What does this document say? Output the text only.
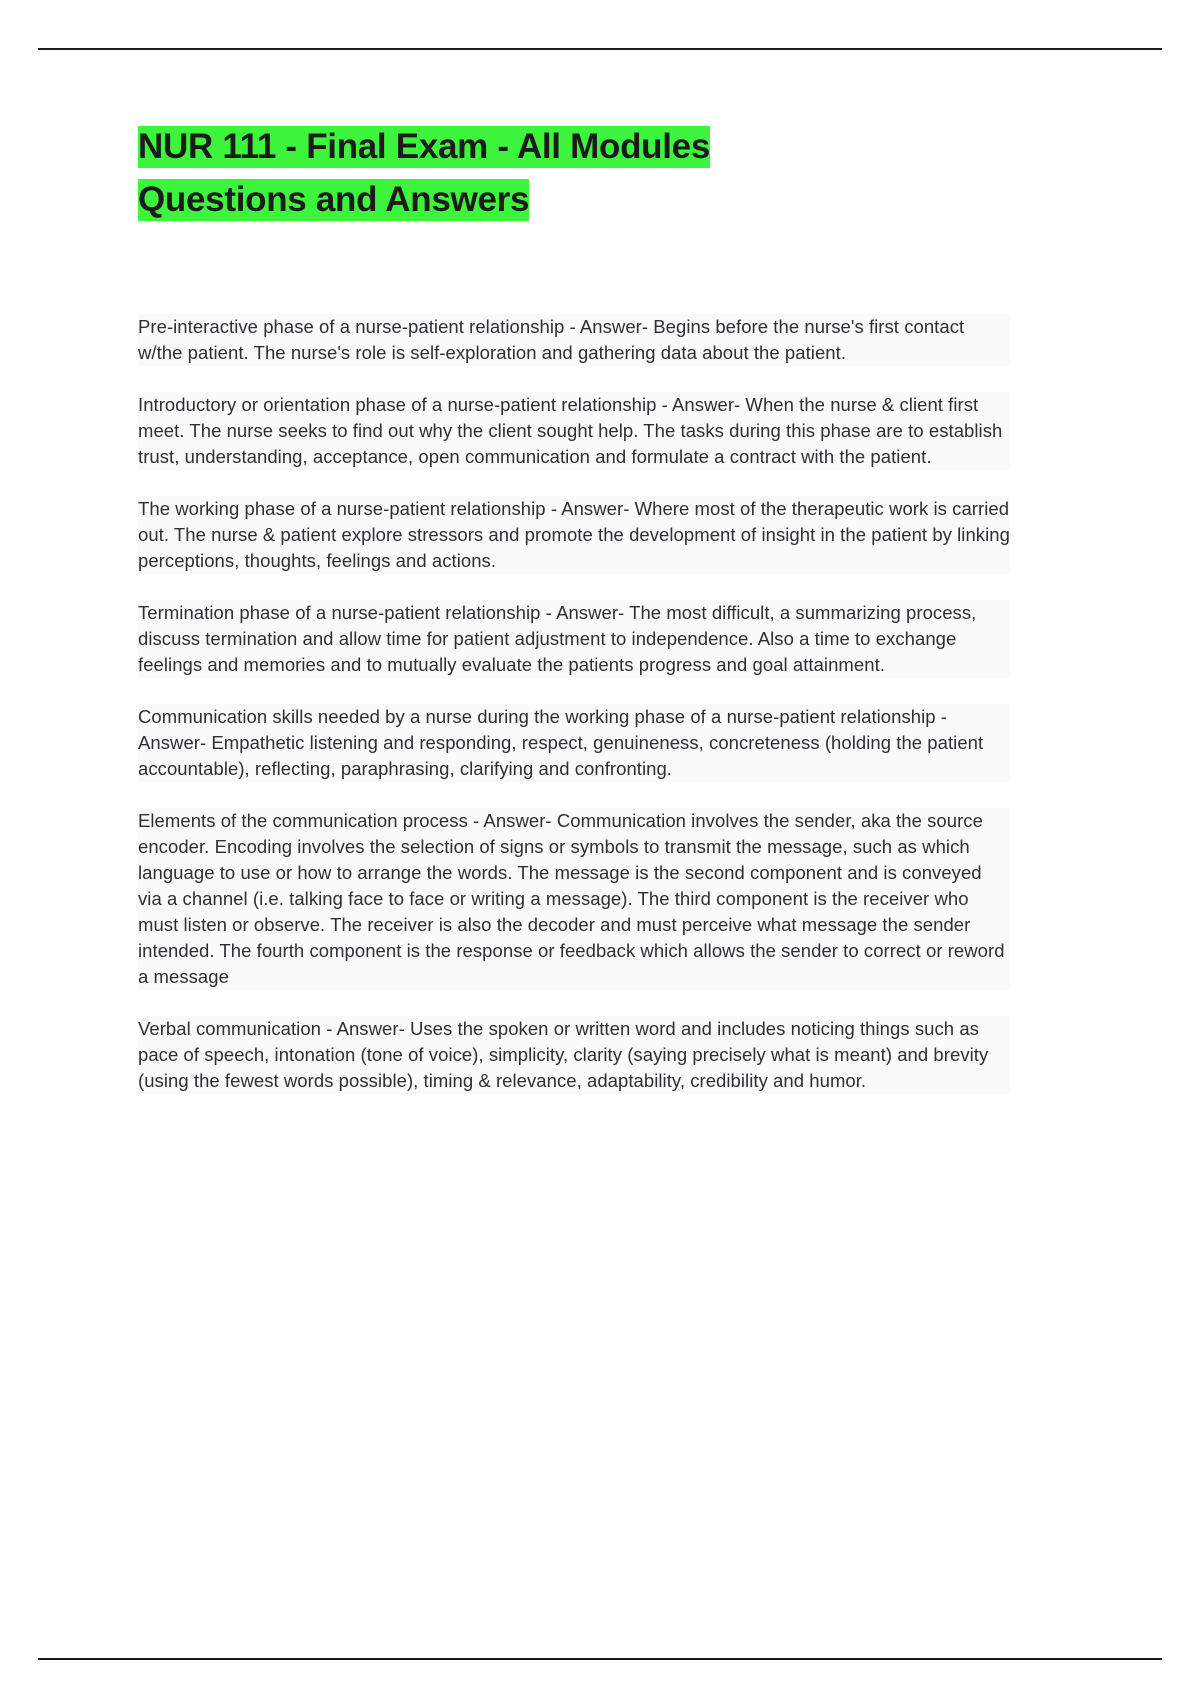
NUR 111 - Final Exam - All Modules
Questions and Answers

Pre-interactive phase of a nurse-patient relationship - Answer- Begins before the nurse's first contact w/the patient. The nurse's role is self-exploration and gathering data about the patient.

Introductory or orientation phase of a nurse-patient relationship - Answer- When the nurse & client first meet. The nurse seeks to find out why the client sought help. The tasks during this phase are to establish trust, understanding, acceptance, open communication and formulate a contract with the patient.

The working phase of a nurse-patient relationship - Answer- Where most of the therapeutic work is carried out. The nurse & patient explore stressors and promote the development of insight in the patient by linking perceptions, thoughts, feelings and actions.

Termination phase of a nurse-patient relationship - Answer- The most difficult, a summarizing process, discuss termination and allow time for patient adjustment to independence. Also a time to exchange feelings and memories and to mutually evaluate the patients progress and goal attainment.

Communication skills needed by a nurse during the working phase of a nurse-patient relationship - Answer- Empathetic listening and responding, respect, genuineness, concreteness (holding the patient accountable), reflecting, paraphrasing, clarifying and confronting.

Elements of the communication process - Answer- Communication involves the sender, aka the source encoder. Encoding involves the selection of signs or symbols to transmit the message, such as which language to use or how to arrange the words. The message is the second component and is conveyed via a channel (i.e. talking face to face or writing a message). The third component is the receiver who must listen or observe. The receiver is also the decoder and must perceive what message the sender intended. The fourth component is the response or feedback which allows the sender to correct or reword a message

Verbal communication - Answer- Uses the spoken or written word and includes noticing things such as pace of speech, intonation (tone of voice), simplicity, clarity (saying precisely what is meant) and brevity (using the fewest words possible), timing & relevance, adaptability, credibility and humor.
